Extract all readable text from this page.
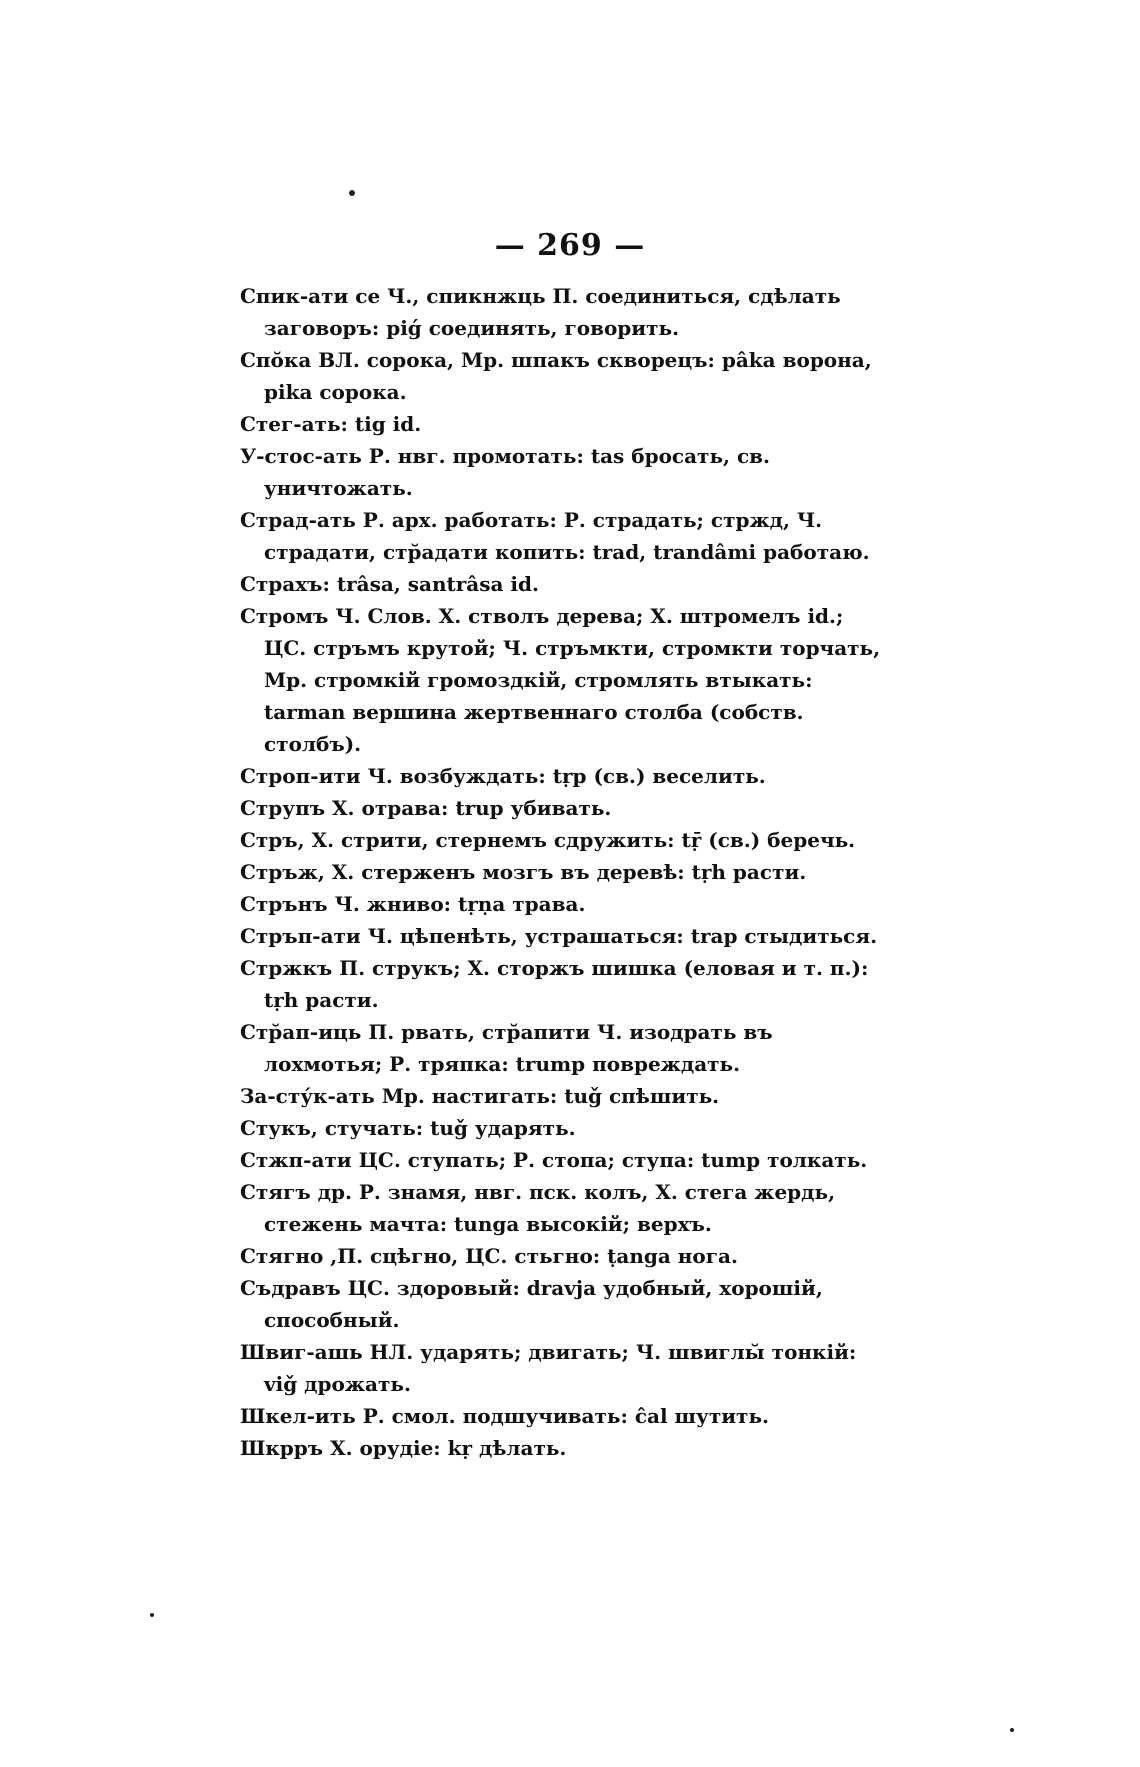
— 269 —

Спик-ати се Ч., спикнжць П. соединиться, сдѣлать заговоръ: piǵ соединять, говорить.

Спо̆ка ВЛ. сорока, Мр. шпакъ скворецъ: pâka ворона, pika сорока.

Стег-ать: tig id.

У-стос-ать Р. нвг. промотать: tas бросать, св. уничтожать.

Страд-ать Р. арх. работать: Р. страдать; стржд, Ч. страдати, стр̆адати копить: trad, trandâmi работаю.

Страхъ: trâsa, santrâsa id.

Стромъ Ч. Слов. Х. стволъ дерева; Х. штромелъ id.; ЦС. стръмъ крутой; Ч. стръмкти, стромкти торчать, Мр. стромкій громоздкій, стромлять втыкать: tarman вершина жертвеннаго столба (собств. столбъ).

Строп-ити Ч. возбуждать: tṛp (св.) веселить.

Струпъ Х. отрава: trup убивать.

Стръ, Х. стрити, стернемъ сдружить: tṝ (св.) беречь.

Стръж, Х. стерженъ мозгъ въ деревѣ: tṛh расти.

Стрънъ Ч. жниво: tṛṇa трава.

Стръп-ати Ч. цѣпенѣть, устрашаться: trap стыдиться.

Стржкъ П. струкъ; Х. сторжъ шишка (еловая и т. п.): tṛh расти.

Стр̆ап-иць П. рвать, стр̆апити Ч. изодрать въ лохмотья; Р. тряпка: trump повреждать.

За-сту́к-ать Мр. настигать: tuǧ спѣшить.

Стукъ, стучать: tuǧ ударять.

Стжп-ати ЦС. ступать; Р. стопа; ступа: tump толкать.

Стягъ др. Р. знамя, нвг. пск. колъ, Х. стега жердь, стежень мачта: tunga высокій; верхъ.

Стягно ,П. сцѣгно, ЦС. стьгно: ṭanga нога.

Съдравъ ЦС. здоровый: dravja удобный, хорошій, способный.

Швиг-ашь НЛ. ударять; двигать; Ч. швиглы̆ тонкій: viǧ дрожать.

Шкел-ить Р. смол. подшучивать: ĉal шутить.

Шкрръ Х. орудіе: kṛ дѣлать.
